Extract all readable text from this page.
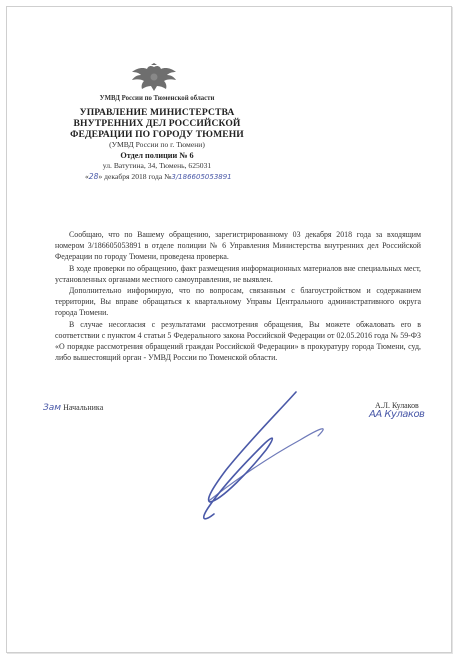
УМВД России по Тюменской области
УПРАВЛЕНИЕ МИНИСТЕРСТВА
ВНУТРЕННИХ ДЕЛ РОССИЙСКОЙ
ФЕДЕРАЦИИ ПО ГОРОДУ ТЮМЕНИ
(УМВД России по г. Тюмени)
Отдел полиции № 6
ул. Ватутина, 34, Тюмень, 625031
«28» декабря 2018 года №3/186605053891

Сообщаю, что по Вашему обращению, зарегистрированному 03 декабря 2018 года за входящим номером 3/186605053891 в отделе полиции № 6 Управления Министерства внутренних дел Российской Федерации по городу Тюмени, проведена проверка.

В ходе проверки по обращению, факт размещения информационных материалов вне специальных мест, установленных органами местного самоуправления, не выявлен.

Дополнительно информирую, что по вопросам, связанным с благоустройством и содержанием территории, Вы вправе обращаться к квартальному Управы Центрального административного округа города Тюмени.

В случае несогласия с результатами рассмотрения обращения, Вы можете обжаловать его в соответствии с пунктом 4 статьи 5 Федерального закона Российской Федерации от 02.05.2016 года № 59-ФЗ «О порядке рассмотрения обращений граждан Российской Федерации» в прокуратуру города Тюмени, суд, либо вышестоящий орган - УМВД России по Тюменской области.

Зам Начальника	А.Л. Кулаков
АА Кулаков
